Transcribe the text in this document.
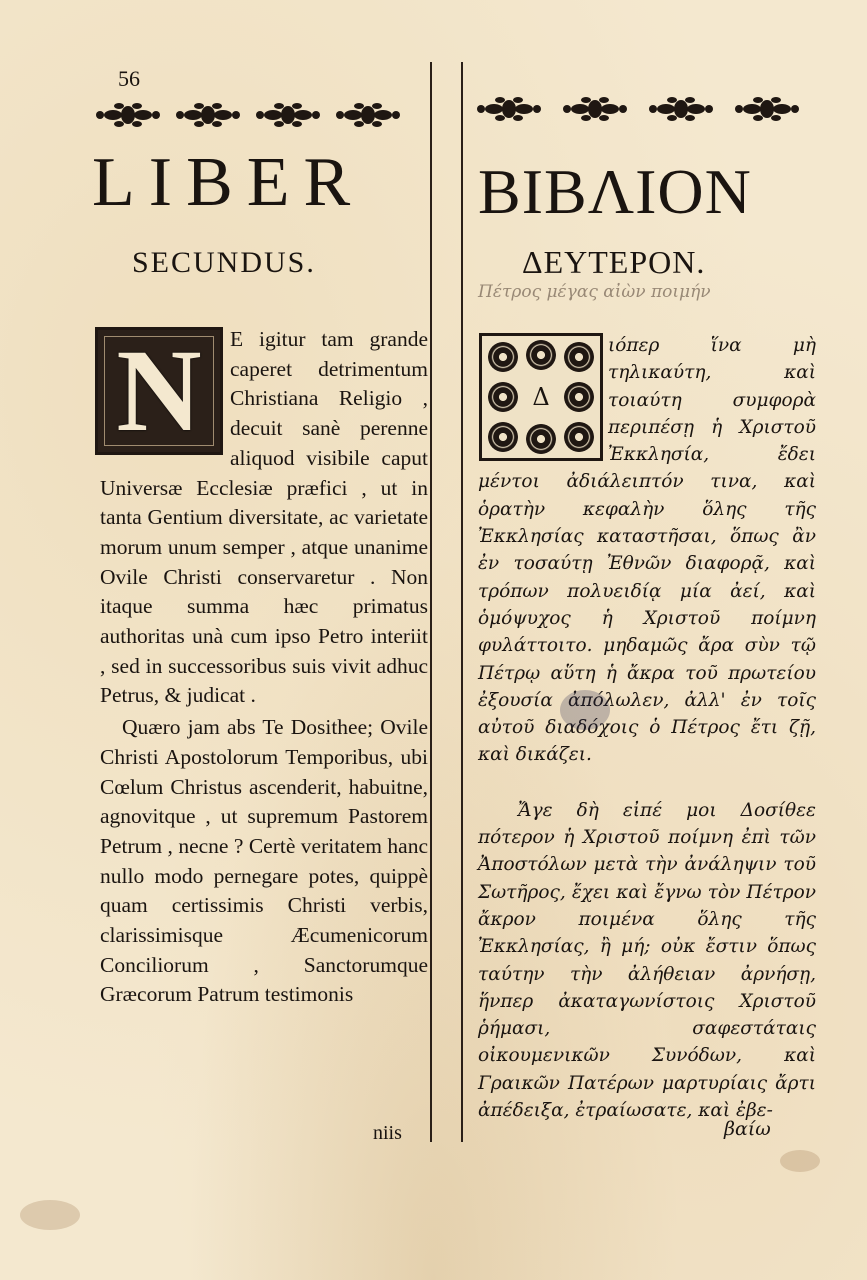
56
LIBER
SECUNDUS.
ΒΙΒΛΙΟΝ
ΔΕΥΤΕΡΟΝ.
Πέτρος μέγας αἰὼν ποιμήν
N	E igitur tam grande caperet detrimentum Christiana Religio , decuit sanè perenne aliquod visibile caput Universæ Ecclesiæ præfici , ut in tanta Gentium diversitate, ac varietate morum unum semper , atque unanime Ovile Christi conservaretur . Non itaque summa hæc primatus authoritas unà cum ipso Petro interiit , sed in successoribus suis vivit adhuc Petrus, & judicat .

Quæro jam abs Te Dosithee; Ovile Christi Apostolorum Temporibus, ubi Cœlum Christus ascenderit, habuitne, agnovitque , ut supremum Pastorem Petrum , necne ? Certè veritatem hanc nullo modo pernegare potes, quippè quam certissimis Christi verbis, clarissimisque Æcumenicorum Conciliorum , Sanctorumque Græcorum Patrum testimonis

niis
Δ

ιόπερ ἵνα μὴ τηλικαύτη, καὶ τοιαύτη συμφορὰ περιπέσῃ ἡ Χριστοῦ Ἐκκλησία, ἔδει μέντοι ἀδιάλειπτόν τινα, καὶ ὁρατὴν κεφαλὴν ὅλης τῆς Ἐκκλησίας καταστῆσαι, ὅπως ἂν ἐν τοσαύτῃ Ἐθνῶν διαφορᾷ, καὶ τρόπων πολυειδίᾳ μία ἀεί, καὶ ὁμόψυχος ἡ Χριστοῦ ποίμνη φυλάττοιτο. μηδαμῶς ἄρα σὺν τῷ Πέτρῳ αὕτη ἡ ἄκρα τοῦ πρωτείου ἐξουσία ἀπόλωλεν, ἀλλ' ἐν τοῖς αὐτοῦ διαδόχοις ὁ Πέτρος ἔτι ζῇ, καὶ δικάζει.

Ἄγε δὴ εἰπέ μοι Δοσίθεε πότερον ἡ Χριστοῦ ποίμνη ἐπὶ τῶν Ἀποστόλων μετὰ τὴν ἀνάληψιν τοῦ Σωτῆρος, ἔχει καὶ ἔγνω τὸν Πέτρον ἄκρον ποιμένα ὅλης τῆς Ἐκκλησίας, ἢ μή; οὐκ ἔστιν ὅπως ταύτην τὴν ἀλήθειαν ἀρνήσῃ, ἥνπερ ἀκαταγωνίστοις Χριστοῦ ῥήμασι, σαφεστάταις οἰκουμενικῶν Συνόδων, καὶ Γραικῶν Πατέρων μαρτυρίαις ἄρτι ἀπέδειξα, ἐτραίωσατε, καὶ ἐβε-

βαίω
